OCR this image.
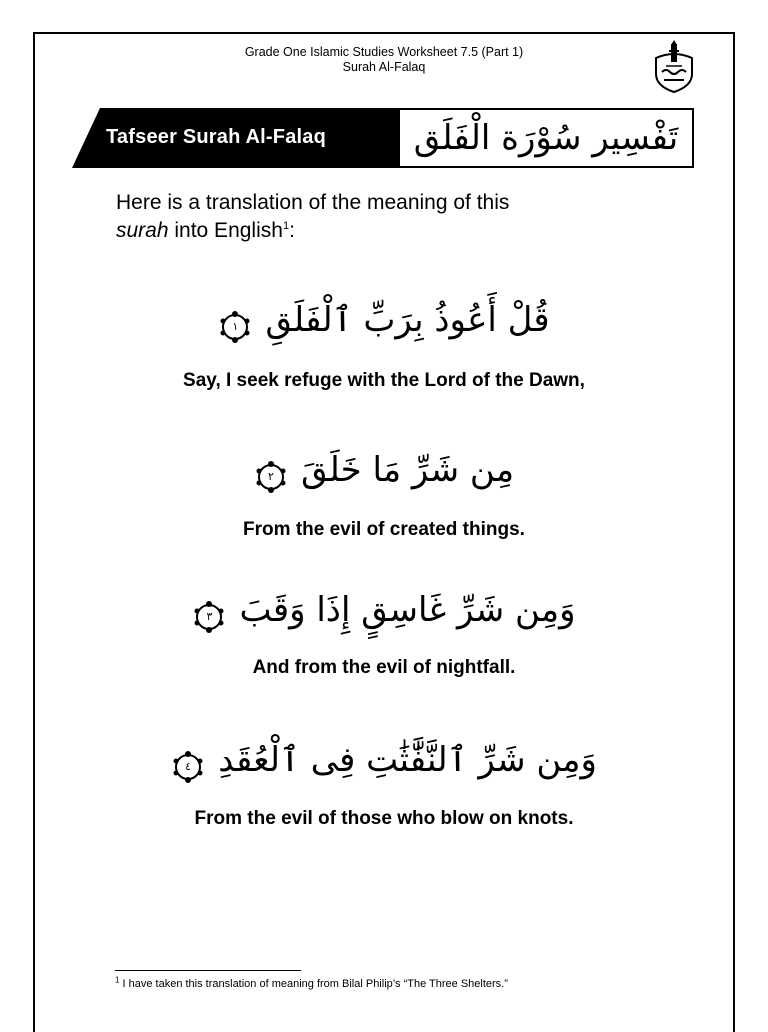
Grade One Islamic Studies Worksheet 7.5 (Part 1)
Surah Al-Falaq
Tafseer Surah Al-Falaq	تَفْسِير سُوْرَة الْفَلَق
Here is a translation of the meaning of this
surah into English$^1$:
قُلْ أَعُوذُ بِرَبِّ ٱلْفَلَقِ
١
Say, I seek refuge with the Lord of the Dawn,
مِن شَرِّ مَا خَلَقَ
٢
From the evil of created things.
وَمِن شَرِّ غَاسِقٍ إِذَا وَقَبَ
٣
And from the evil of nightfall.
وَمِن شَرِّ ٱلنَّفَّٰثَٰتِ فِى ٱلْعُقَدِ
٤
From the evil of those who blow on knots.
$^1$ I have taken this translation of meaning from Bilal Philip’s “The Three Shelters.”
